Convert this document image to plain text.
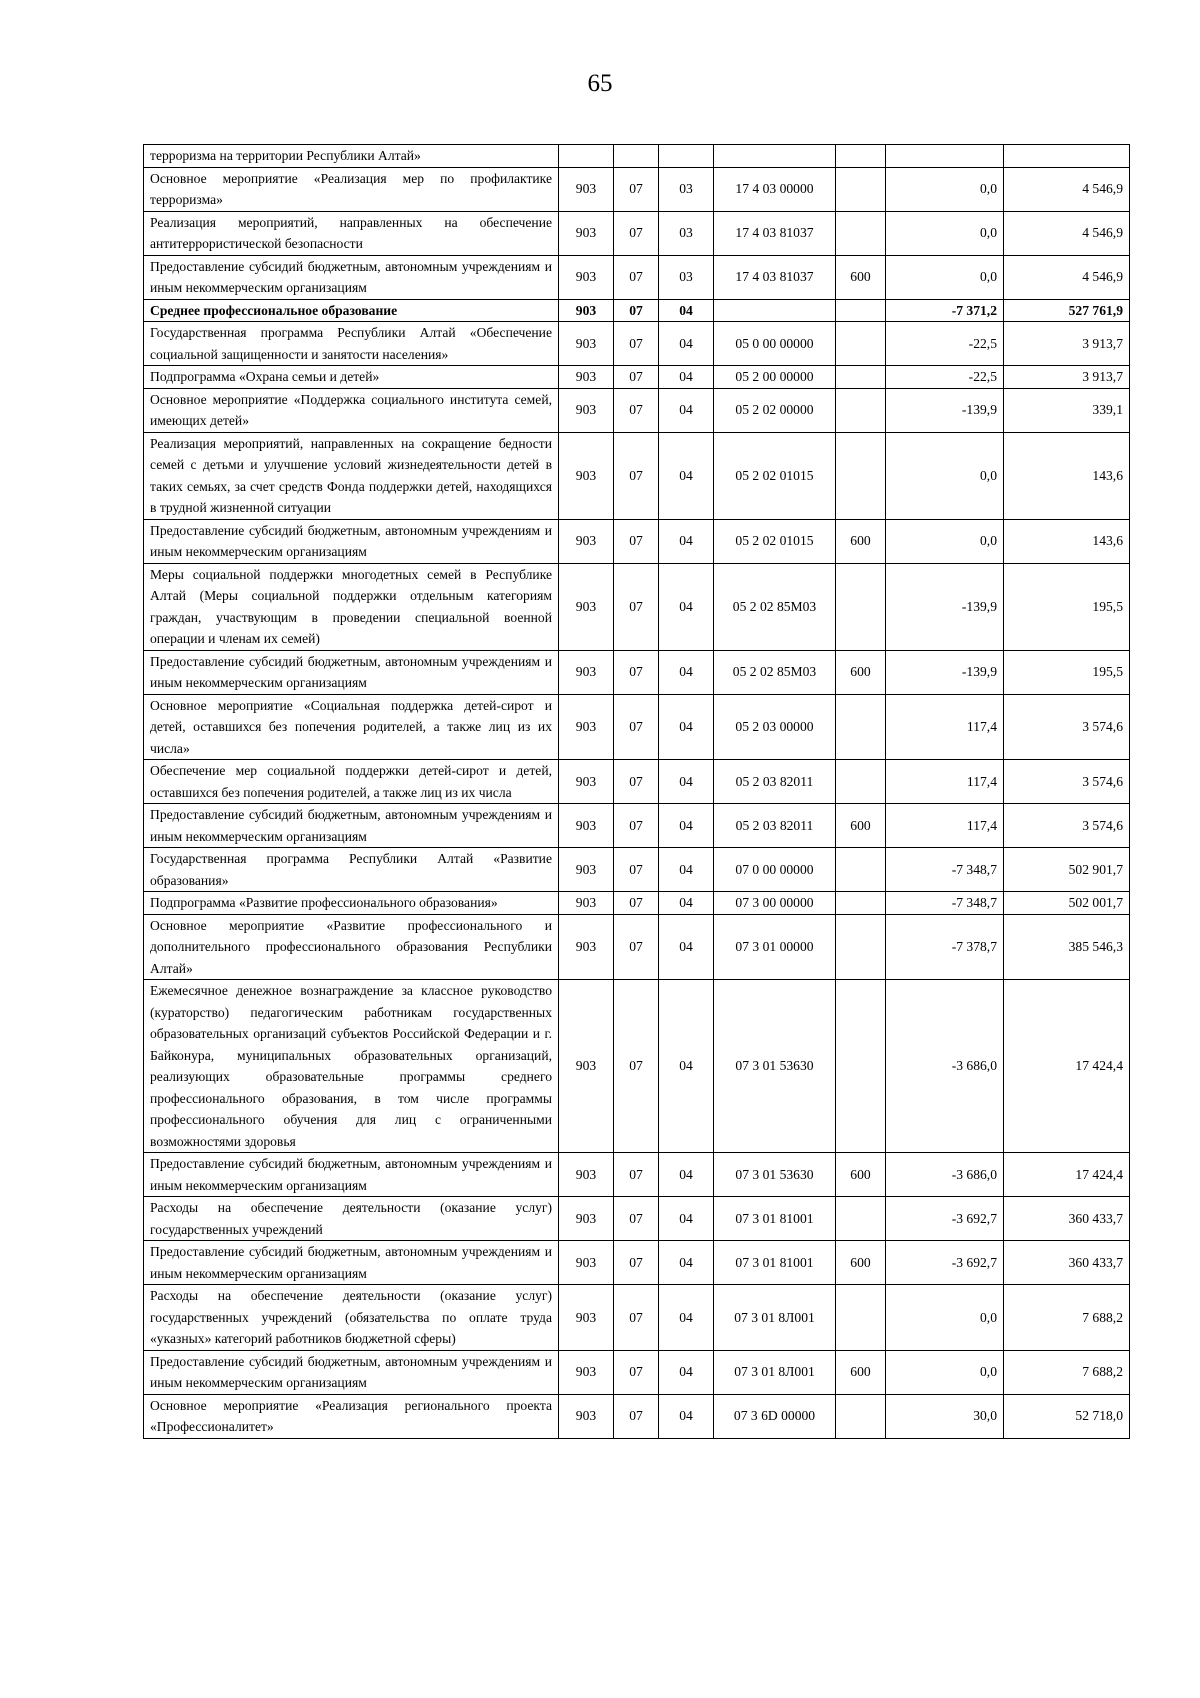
65
терроризма на территории Республики Алтай»							
Основное мероприятие «Реализация мер по профилактике терроризма»	903	07	03	17 4 03 00000		0,0	4 546,9
Реализация мероприятий, направленных на обеспечение антитеррористической безопасности	903	07	03	17 4 03 81037		0,0	4 546,9
Предоставление субсидий бюджетным, автономным учреждениям и иным некоммерческим организациям	903	07	03	17 4 03 81037	600	0,0	4 546,9
Среднее профессиональное образование	903	07	04			-7 371,2	527 761,9
Государственная программа Республики Алтай «Обеспечение социальной защищенности и занятости населения»	903	07	04	05 0 00 00000		-22,5	3 913,7
Подпрограмма «Охрана семьи и детей»	903	07	04	05 2 00 00000		-22,5	3 913,7
Основное мероприятие «Поддержка социального института семей, имеющих детей»	903	07	04	05 2 02 00000		-139,9	339,1
Реализация мероприятий, направленных на сокращение бедности семей с детьми и улучшение условий жизнедеятельности детей в таких семьях, за счет средств Фонда поддержки детей, находящихся в трудной жизненной ситуации	903	07	04	05 2 02 01015		0,0	143,6
Предоставление субсидий бюджетным, автономным учреждениям и иным некоммерческим организациям	903	07	04	05 2 02 01015	600	0,0	143,6
Меры социальной поддержки многодетных семей в Республике Алтай (Меры социальной поддержки отдельным категориям граждан, участвующим в проведении специальной военной операции и членам их семей)	903	07	04	05 2 02 85М03		-139,9	195,5
Предоставление субсидий бюджетным, автономным учреждениям и иным некоммерческим организациям	903	07	04	05 2 02 85М03	600	-139,9	195,5
Основное мероприятие «Социальная поддержка детей-сирот и детей, оставшихся без попечения родителей, а также лиц из их числа»	903	07	04	05 2 03 00000		117,4	3 574,6
Обеспечение мер социальной поддержки детей-сирот и детей, оставшихся без попечения родителей, а также лиц из их числа	903	07	04	05 2 03 82011		117,4	3 574,6
Предоставление субсидий бюджетным, автономным учреждениям и иным некоммерческим организациям	903	07	04	05 2 03 82011	600	117,4	3 574,6
Государственная программа Республики Алтай «Развитие образования»	903	07	04	07 0 00 00000		-7 348,7	502 901,7
Подпрограмма «Развитие профессионального образования»	903	07	04	07 3 00 00000		-7 348,7	502 001,7
Основное мероприятие «Развитие профессионального и дополнительного профессионального образования Республики Алтай»	903	07	04	07 3 01 00000		-7 378,7	385 546,3
Ежемесячное денежное вознаграждение за классное руководство (кураторство) педагогическим работникам государственных образовательных организаций субъектов Российской Федерации и г. Байконура, муниципальных образовательных организаций, реализующих образовательные программы среднего профессионального образования, в том числе программы профессионального обучения для лиц с ограниченными возможностями здоровья	903	07	04	07 3 01 53630		-3 686,0	17 424,4
Предоставление субсидий бюджетным, автономным учреждениям и иным некоммерческим организациям	903	07	04	07 3 01 53630	600	-3 686,0	17 424,4
Расходы на обеспечение деятельности (оказание услуг) государственных учреждений	903	07	04	07 3 01 81001		-3 692,7	360 433,7
Предоставление субсидий бюджетным, автономным учреждениям и иным некоммерческим организациям	903	07	04	07 3 01 81001	600	-3 692,7	360 433,7
Расходы на обеспечение деятельности (оказание услуг) государственных учреждений (обязательства по оплате труда «указных» категорий работников бюджетной сферы)	903	07	04	07 3 01 8Л001		0,0	7 688,2
Предоставление субсидий бюджетным, автономным учреждениям и иным некоммерческим организациям	903	07	04	07 3 01 8Л001	600	0,0	7 688,2
Основное мероприятие «Реализация регионального проекта «Профессионалитет»	903	07	04	07 3 6D 00000		30,0	52 718,0
